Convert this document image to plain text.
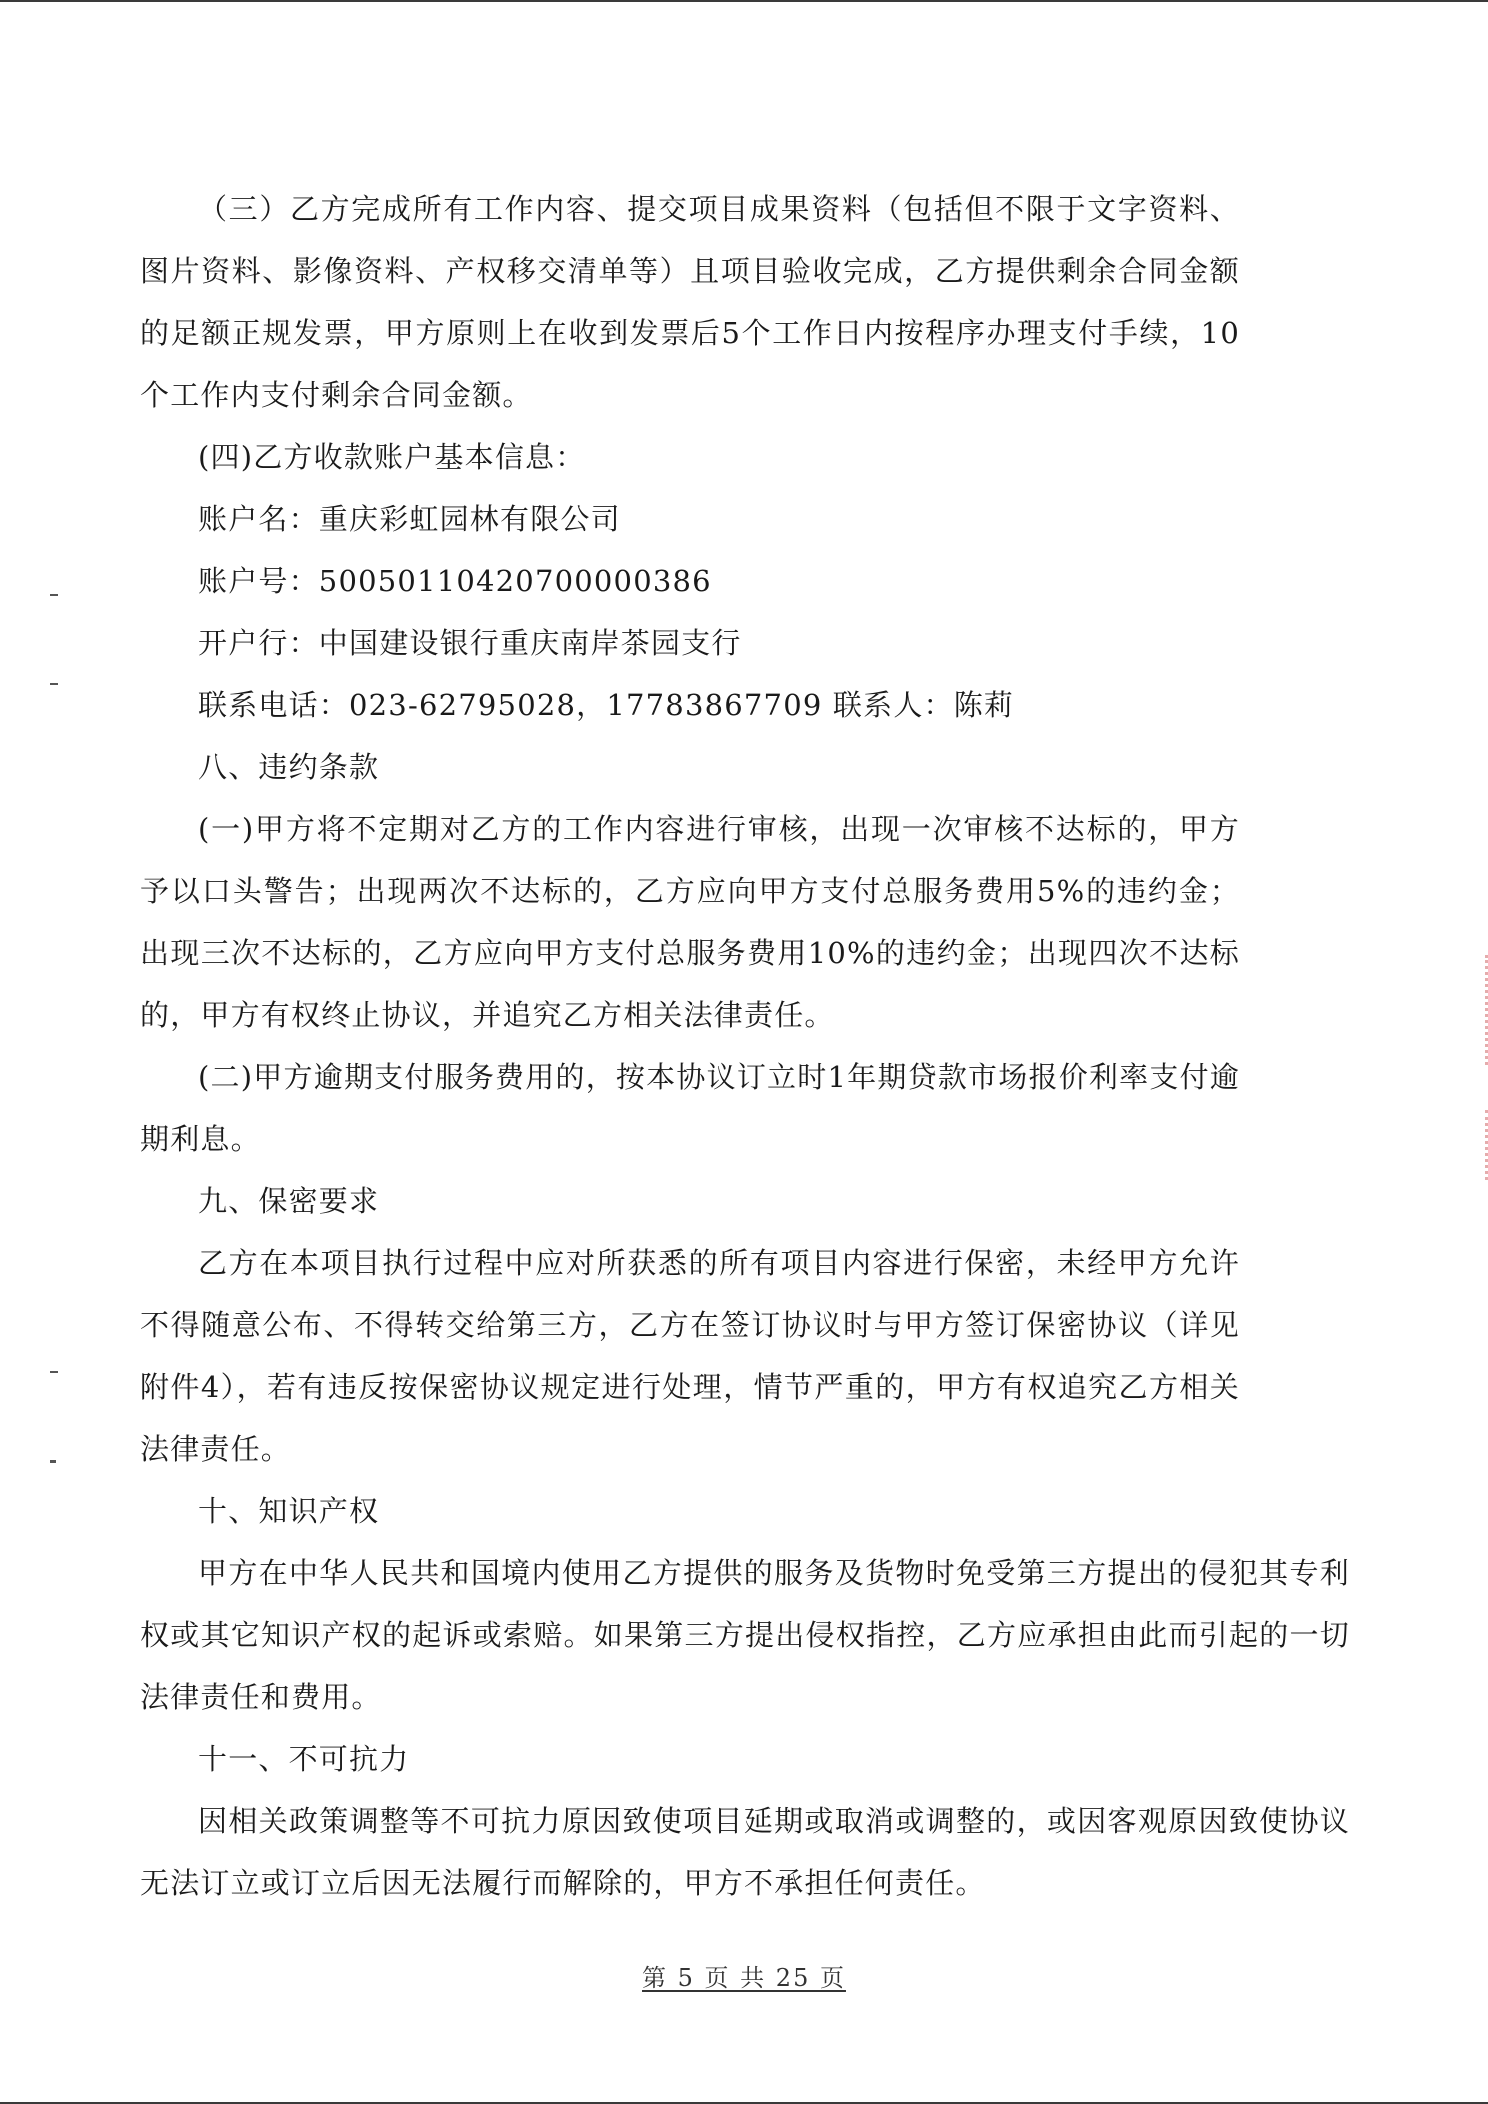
（三）乙方完成所有工作内容、提交项目成果资料（包括但不限于文字资料、图片资料、影像资料、产权移交清单等）且项目验收完成，乙方提供剩余合同金额的足额正规发票，甲方原则上在收到发票后5个工作日内按程序办理支付手续，10个工作内支付剩余合同金额。

(四)乙方收款账户基本信息：

账户名：重庆彩虹园林有限公司

账户号：50050110420700000386

开户行：中国建设银行重庆南岸茶园支行

联系电话：023-62795028，17783867709 联系人：陈莉

八、违约条款

(一)甲方将不定期对乙方的工作内容进行审核，出现一次审核不达标的，甲方予以口头警告；出现两次不达标的，乙方应向甲方支付总服务费用5%的违约金；出现三次不达标的，乙方应向甲方支付总服务费用10%的违约金；出现四次不达标的，甲方有权终止协议，并追究乙方相关法律责任。

(二)甲方逾期支付服务费用的，按本协议订立时1年期贷款市场报价利率支付逾期利息。

九、保密要求

乙方在本项目执行过程中应对所获悉的所有项目内容进行保密，未经甲方允许不得随意公布、不得转交给第三方，乙方在签订协议时与甲方签订保密协议（详见附件4），若有违反按保密协议规定进行处理，情节严重的，甲方有权追究乙方相关法律责任。

十、知识产权

甲方在中华人民共和国境内使用乙方提供的服务及货物时免受第三方提出的侵犯其专利权或其它知识产权的起诉或索赔。如果第三方提出侵权指控，乙方应承担由此而引起的一切法律责任和费用。

十一、不可抗力

因相关政策调整等不可抗力原因致使项目延期或取消或调整的，或因客观原因致使协议无法订立或订立后因无法履行而解除的，甲方不承担任何责任。

第 5 页 共 25 页
